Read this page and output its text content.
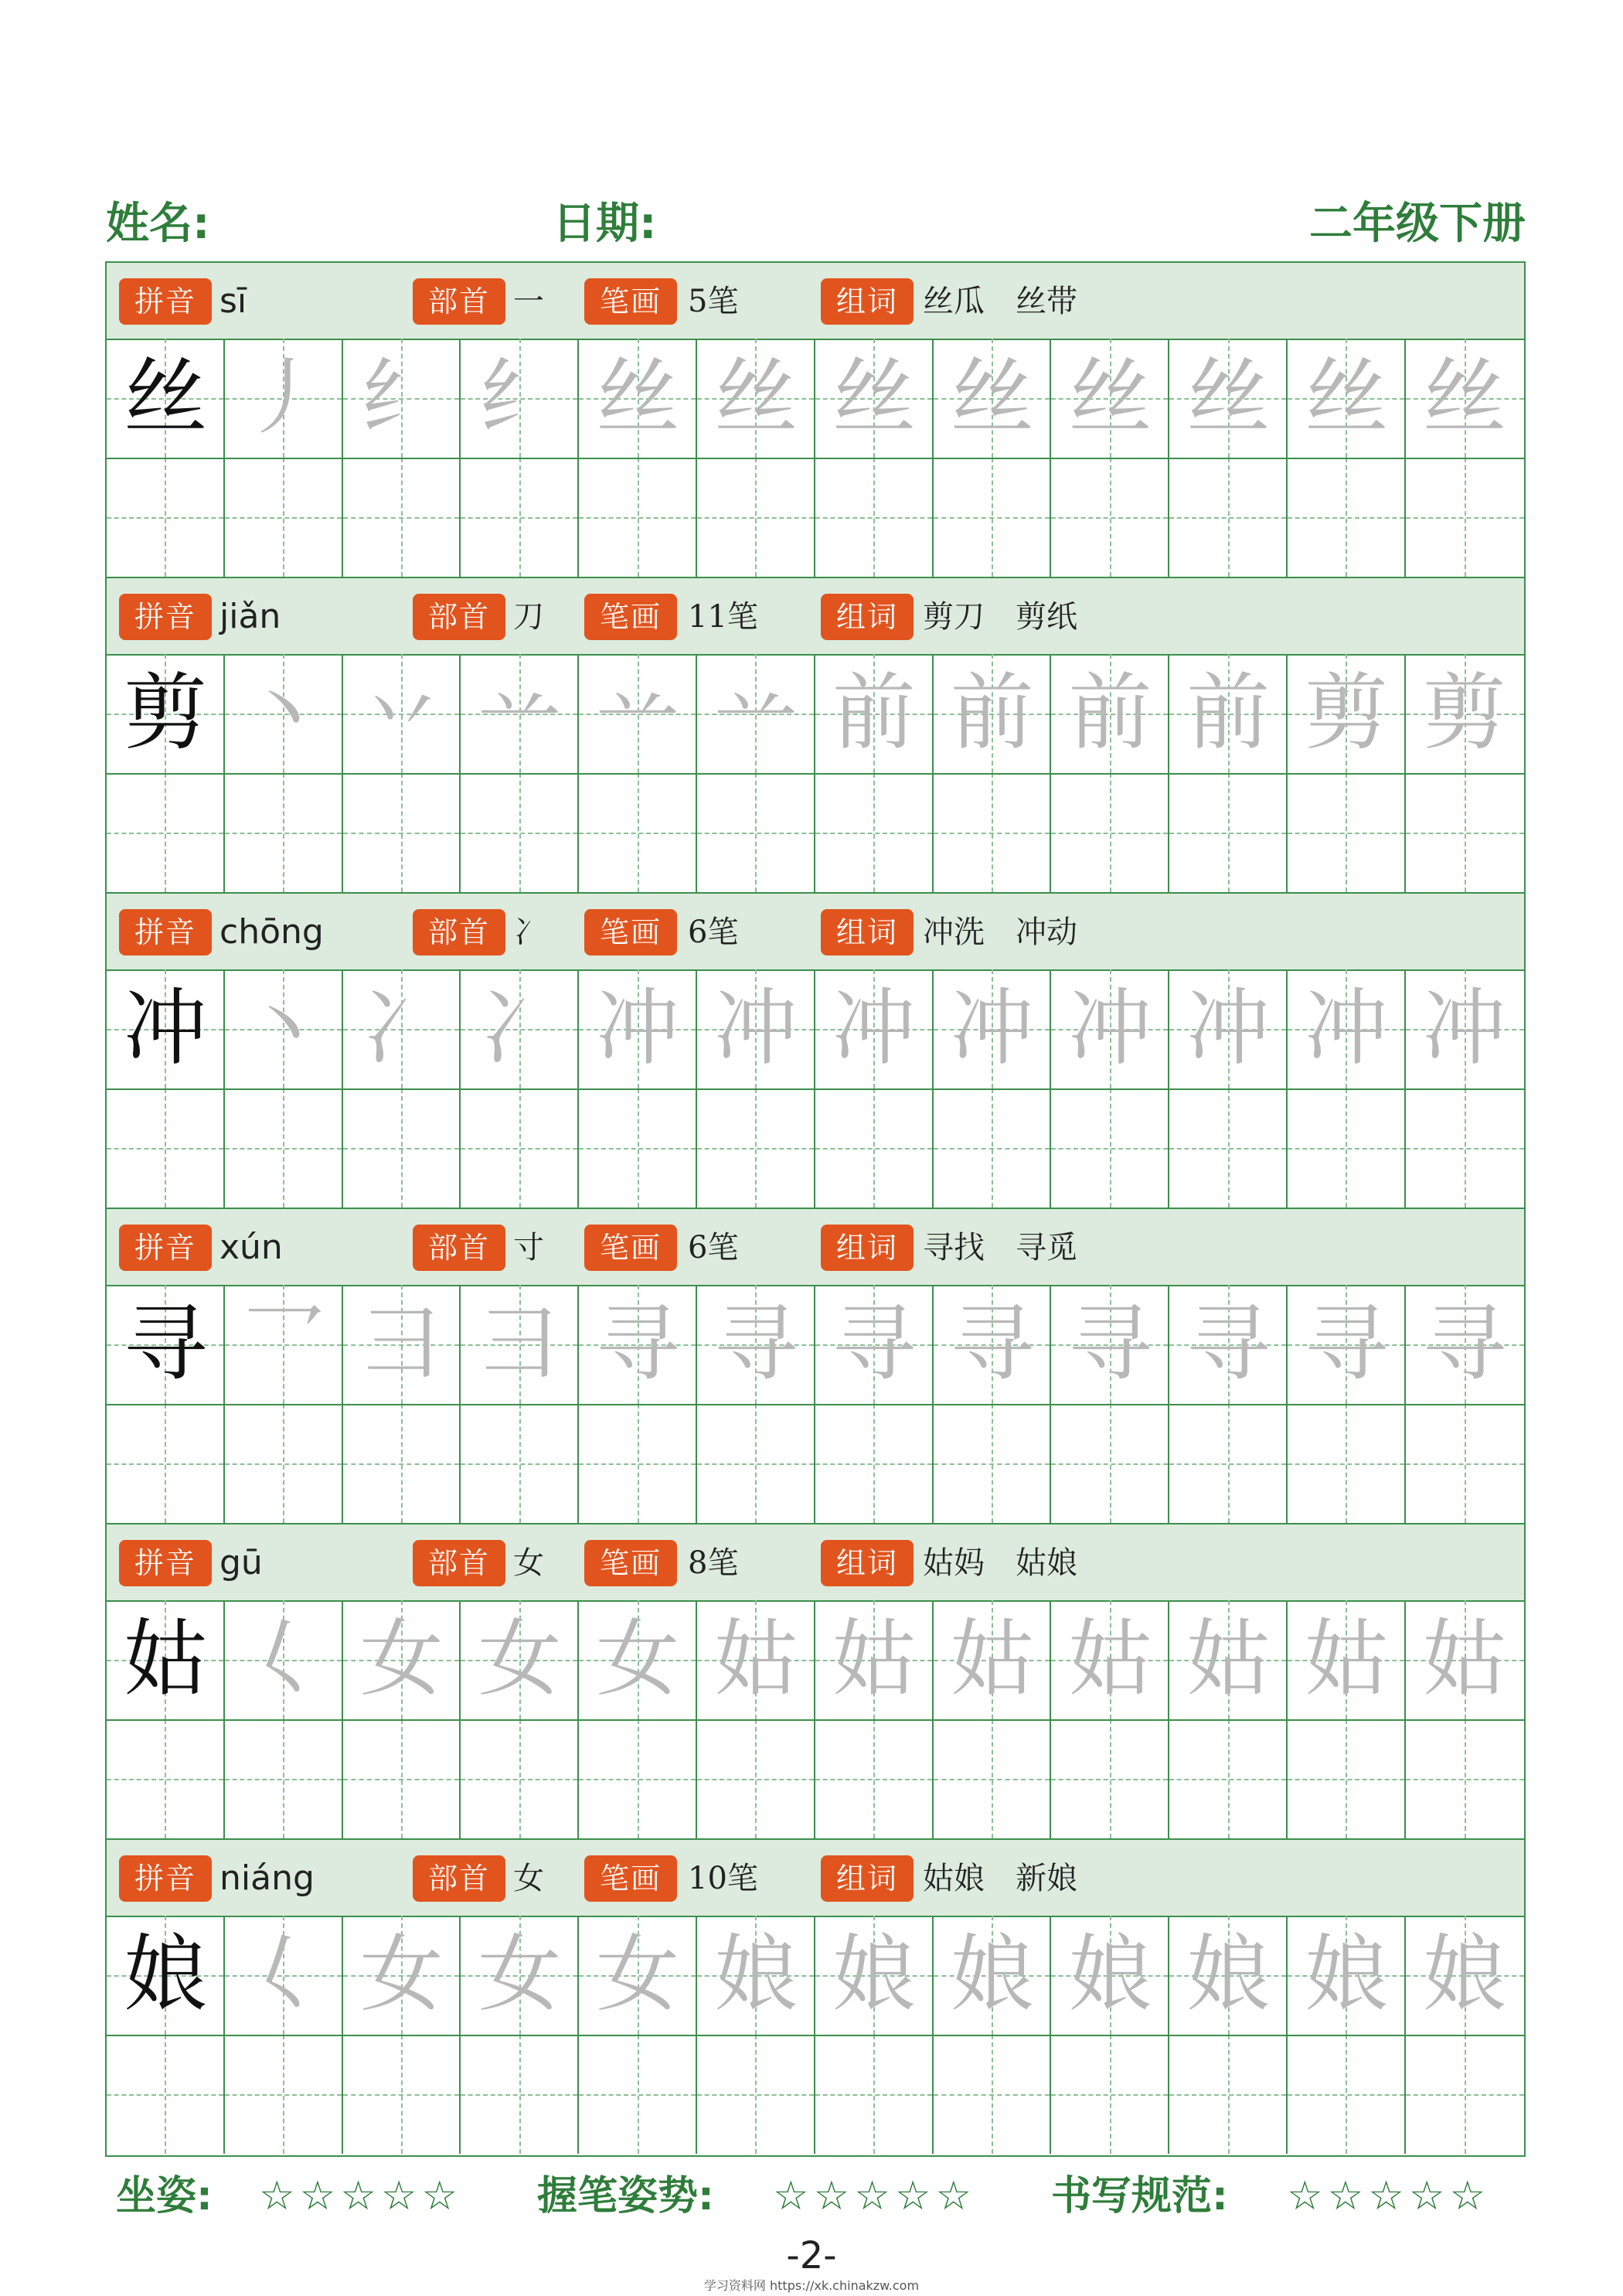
姓名:	日期:	二年级下册
拼音 sī	部首 一	笔画 5笔	组词 丝瓜　丝带
丝 丿 纟 纟 丝 丝 丝 丝 丝 丝 丝 丝
拼音 jiǎn	部首 刀	笔画 11笔	组词 剪刀　剪纸
剪 丶 丷 䒑 䒑 䒑 前 前 前 前 剪 剪
拼音 chōng	部首 冫	笔画 6笔	组词 冲洗　冲动
冲 丶 冫 冫 冲 冲 冲 冲 冲 冲 冲 冲
拼音 xún	部首 寸	笔画 6笔	组词 寻找　寻觅
寻 乛 彐 彐 寻 寻 寻 寻 寻 寻 寻 寻
拼音 gū	部首 女	笔画 8笔	组词 姑妈　姑娘
姑 𡿨 女 女 女 姑 姑 姑 姑 姑 姑 姑
拼音 niáng	部首 女	笔画 10笔	组词 姑娘　新娘
娘 𡿨 女 女 女 娘 娘 娘 娘 娘 娘 娘
坐姿: ☆☆☆☆☆ 握笔姿势: ☆☆☆☆☆ 书写规范: ☆☆☆☆☆
-2-
学习资料网 https://xk.chinakzw.com
